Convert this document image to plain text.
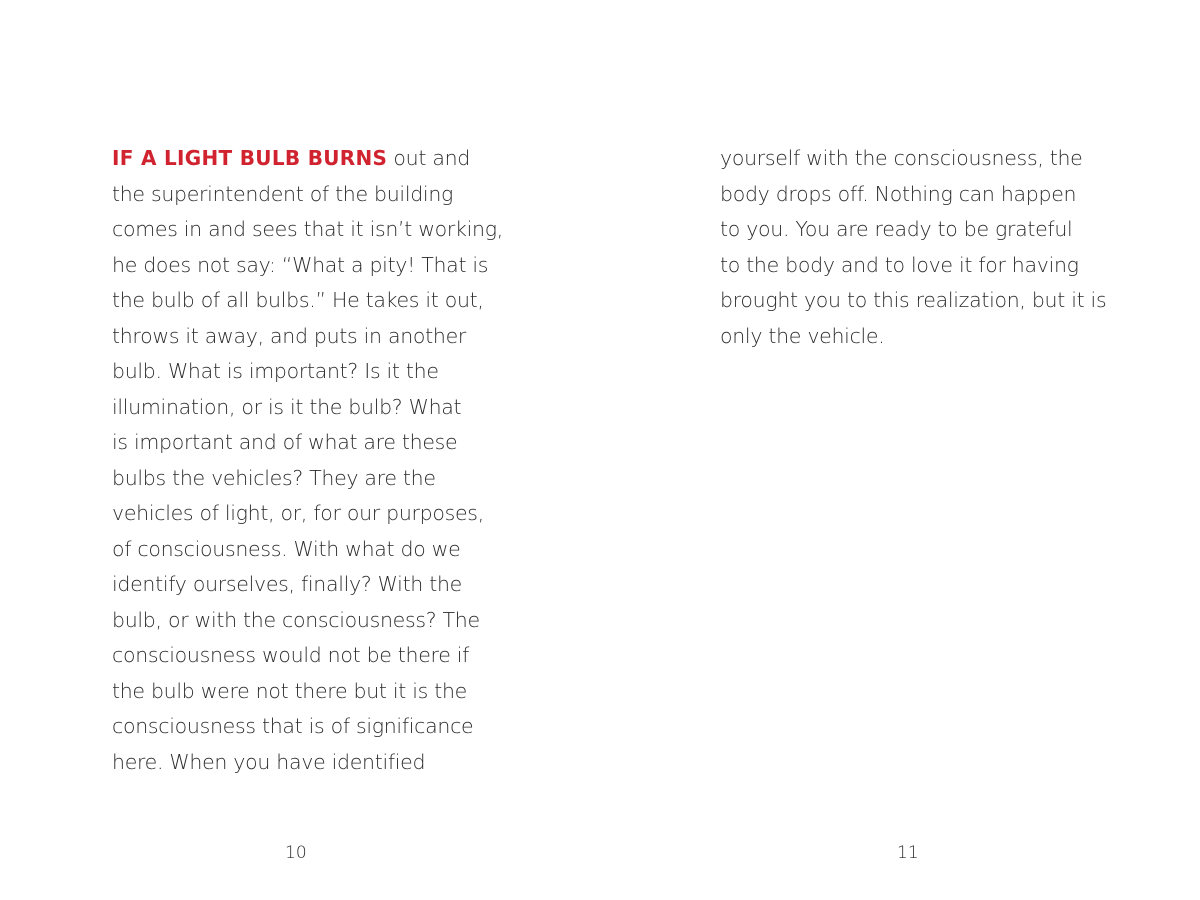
IF A LIGHT BULB BURNS out and
the superintendent of the building
comes in and sees that it isn’t working,
he does not say: “What a pity! That is
the bulb of all bulbs.” He takes it out,
throws it away, and puts in another
bulb. What is important? Is it the
illumination, or is it the bulb? What
is important and of what are these
bulbs the vehicles? They are the
vehicles of light, or, for our purposes,
of consciousness. With what do we
identify ourselves, finally? With the
bulb, or with the consciousness? The
consciousness would not be there if
the bulb were not there but it is the
consciousness that is of significance
here. When you have identified
10
yourself with the consciousness, the
body drops off. Nothing can happen
to you. You are ready to be grateful
to the body and to love it for having
brought you to this realization, but it is
only the vehicle.
11
